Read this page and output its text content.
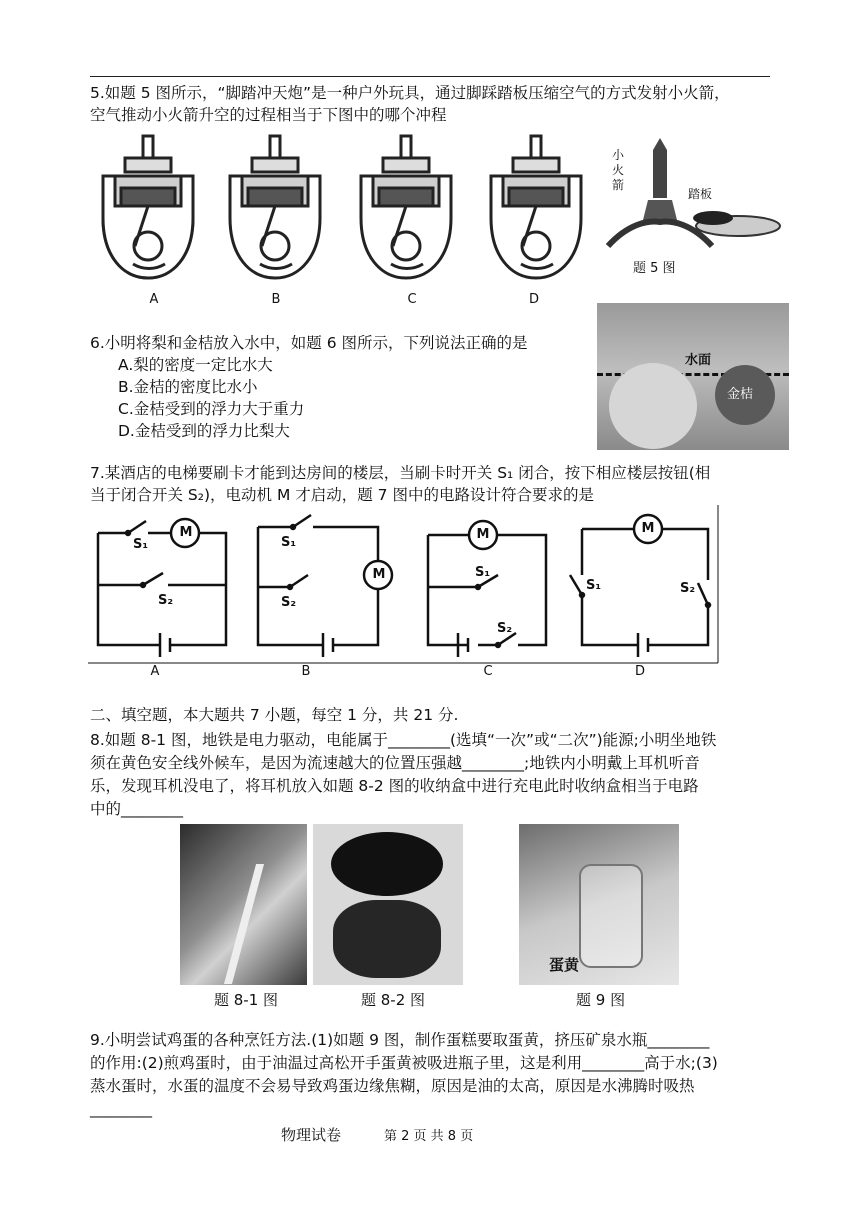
5.如题 5 图所示，“脚踏冲天炮”是一种户外玩具，通过脚踩踏板压缩空气的方式发射小火箭，
空气推动小火箭升空的过程相当于下图中的哪个冲程
A	B	C	D
小火箭
踏板
题 5 图
6.小明将梨和金桔放入水中，如题 6 图所示，下列说法正确的是
A.梨的密度一定比水大
B.金桔的密度比水小
C.金桔受到的浮力大于重力
D.金桔受到的浮力比梨大
水面
金桔
7.某酒店的电梯要刷卡才能到达房间的楼层，当刷卡时开关 S₁ 闭合，按下相应楼层按钮(相
当于闭合开关 S₂)，电动机 M 才启动，题 7 图中的电路设计符合要求的是
M
M
M	M
S₁
S₂
S₁
S₂
S₁
S₂
S₁	S₂
A	B	C	D
二、填空题，本大题共 7 小题，每空 1 分，共 21 分.
8.如题 8-1 图，地铁是电力驱动，电能属于________(选填“一次”或“二次”)能源;小明坐地铁
须在黄色安全线外候车，是因为流速越大的位置压强越________;地铁内小明戴上耳机听音
乐，发现耳机没电了，将耳机放入如题 8-2 图的收纳盒中进行充电此时收纳盒相当于电路
中的________
蛋黄
题 8-1 图	题 8-2 图	题 9 图
9.小明尝试鸡蛋的各种烹饪方法.(1)如题 9 图，制作蛋糕要取蛋黄，挤压矿泉水瓶________
的作用:(2)煎鸡蛋时，由于油温过高松开手蛋黄被吸进瓶子里，这是利用________高于水;(3)
蒸水蛋时，水蛋的温度不会易导致鸡蛋边缘焦糊，原因是油的太高，原因是水沸腾时吸热
________
物理试卷	第 2 页 共 8 页
